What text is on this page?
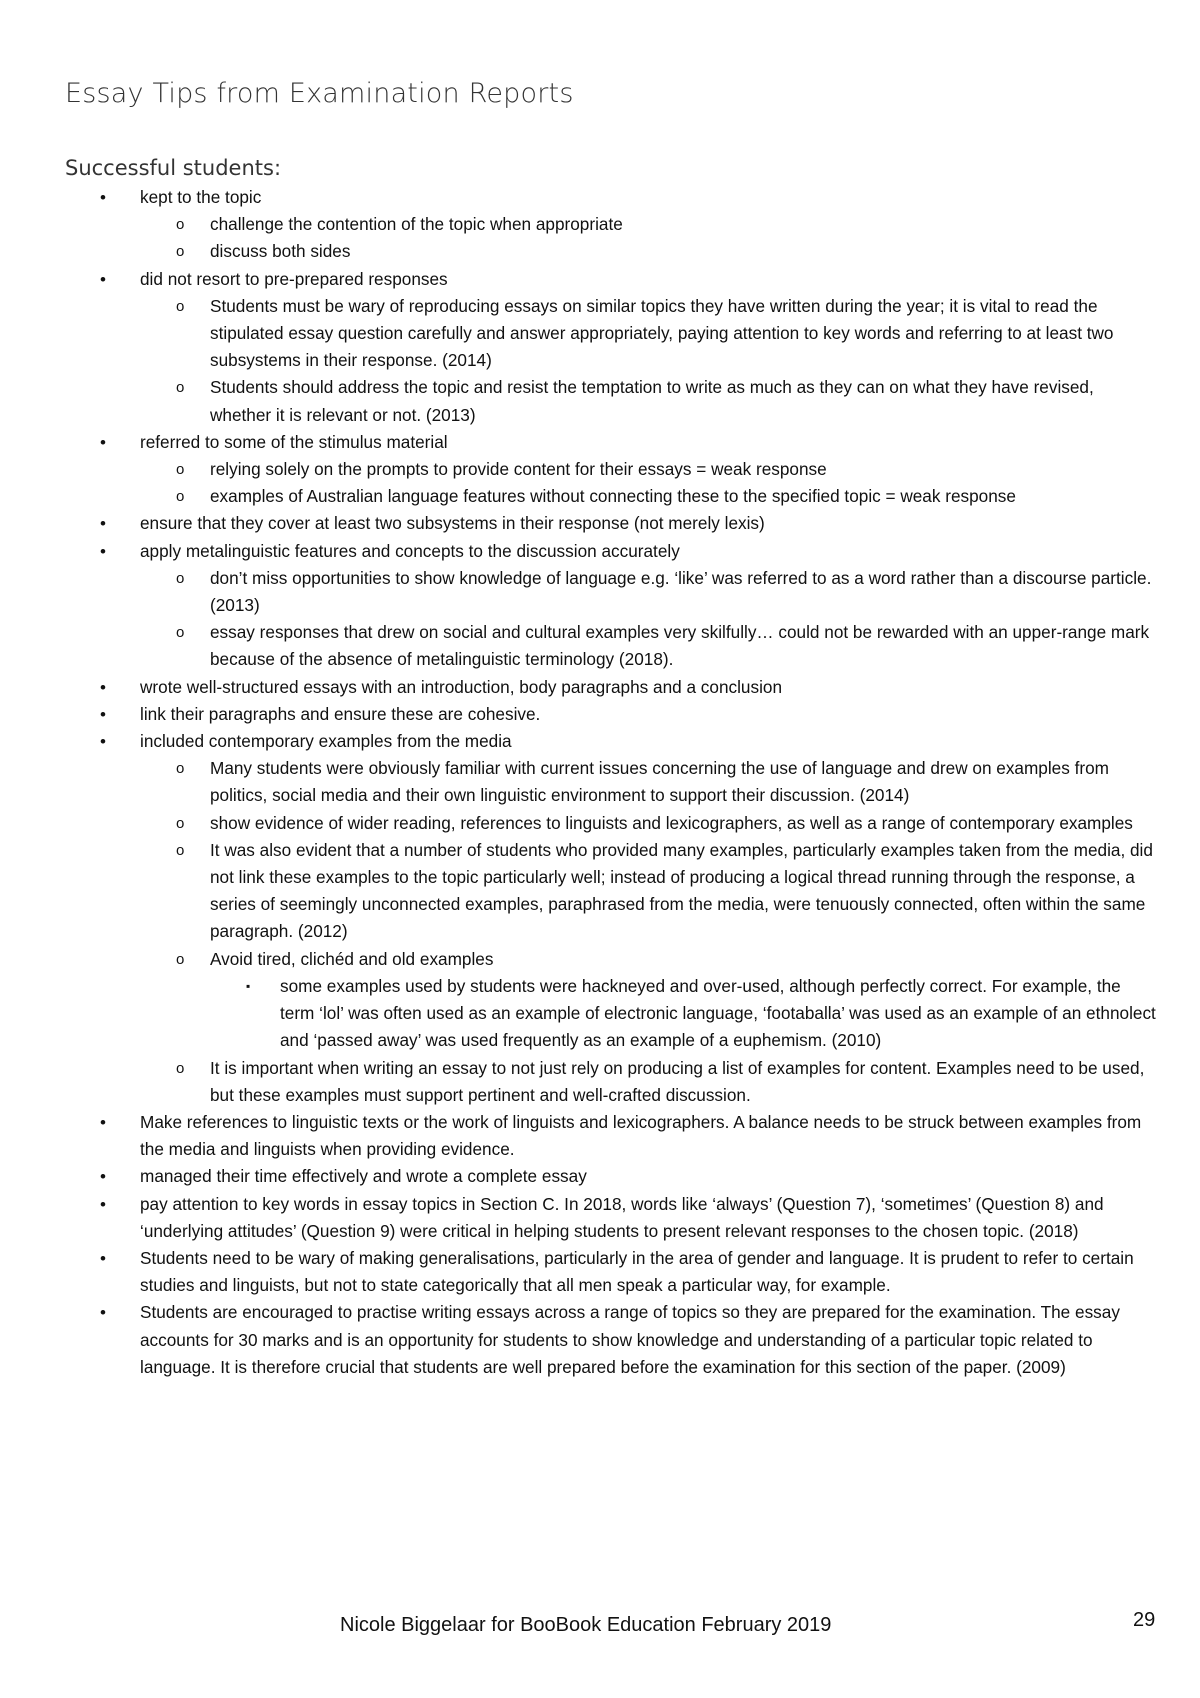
Essay Tips from Examination Reports
Successful students:
• kept to the topic
o challenge the contention of the topic when appropriate
o discuss both sides
• did not resort to pre-prepared responses
o Students must be wary of reproducing essays on similar topics they have written during the year; it is vital to read the stipulated essay question carefully and answer appropriately, paying attention to key words and referring to at least two subsystems in their response. (2014)
o Students should address the topic and resist the temptation to write as much as they can on what they have revised, whether it is relevant or not. (2013)
• referred to some of the stimulus material
o relying solely on the prompts to provide content for their essays = weak response
o examples of Australian language features without connecting these to the specified topic = weak response
• ensure that they cover at least two subsystems in their response (not merely lexis)
• apply metalinguistic features and concepts to the discussion accurately
o don’t miss opportunities to show knowledge of language e.g. ‘like’ was referred to as a word rather than a discourse particle. (2013)
o essay responses that drew on social and cultural examples very skilfully… could not be rewarded with an upper-range mark because of the absence of metalinguistic terminology (2018).
• wrote well-structured essays with an introduction, body paragraphs and a conclusion
• link their paragraphs and ensure these are cohesive.
• included contemporary examples from the media
o Many students were obviously familiar with current issues concerning the use of language and drew on examples from politics, social media and their own linguistic environment to support their discussion. (2014)
o show evidence of wider reading, references to linguists and lexicographers, as well as a range of contemporary examples
o It was also evident that a number of students who provided many examples, particularly examples taken from the media, did not link these examples to the topic particularly well; instead of producing a logical thread running through the response, a series of seemingly unconnected examples, paraphrased from the media, were tenuously connected, often within the same paragraph. (2012)
o Avoid tired, clichéd and old examples
▪ some examples used by students were hackneyed and over-used, although perfectly correct. For example, the term ‘lol’ was often used as an example of electronic language, ‘footaballa’ was used as an example of an ethnolect and ‘passed away’ was used frequently as an example of a euphemism. (2010)
o It is important when writing an essay to not just rely on producing a list of examples for content. Examples need to be used, but these examples must support pertinent and well-crafted discussion.
• Make references to linguistic texts or the work of linguists and lexicographers. A balance needs to be struck between examples from the media and linguists when providing evidence.
• managed their time effectively and wrote a complete essay
• pay attention to key words in essay topics in Section C. In 2018, words like ‘always’ (Question 7), ‘sometimes’ (Question 8) and ‘underlying attitudes’ (Question 9) were critical in helping students to present relevant responses to the chosen topic. (2018)
• Students need to be wary of making generalisations, particularly in the area of gender and language. It is prudent to refer to certain studies and linguists, but not to state categorically that all men speak a particular way, for example.
• Students are encouraged to practise writing essays across a range of topics so they are prepared for the examination. The essay accounts for 30 marks and is an opportunity for students to show knowledge and understanding of a particular topic related to language. It is therefore crucial that students are well prepared before the examination for this section of the paper. (2009)
Nicole Biggelaar for BooBook Education February 2019	29
